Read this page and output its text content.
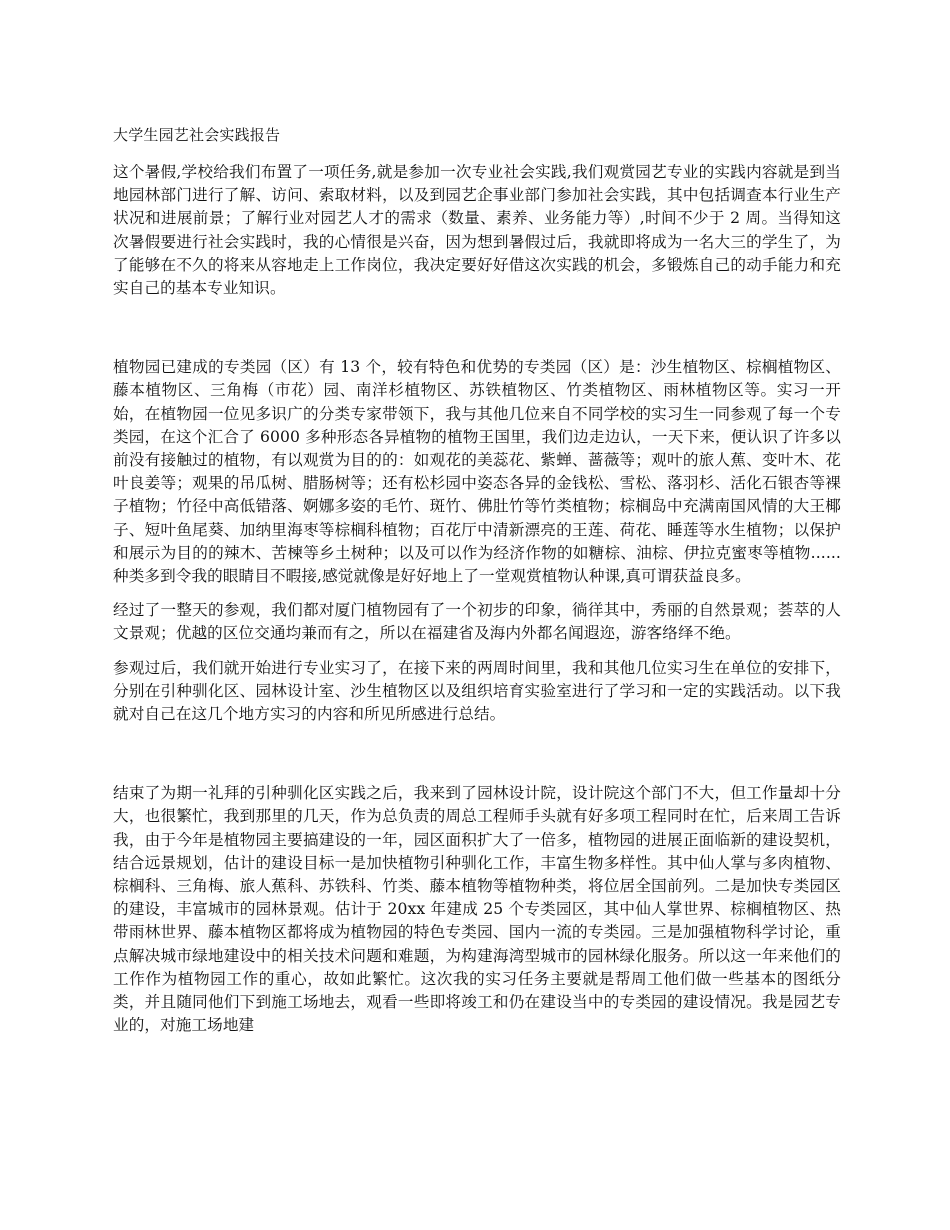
大学生园艺社会实践报告

这个暑假,学校给我们布置了一项任务,就是参加一次专业社会实践,我们观赏园艺专业的实践内容就是到当地园林部门进行了解、访问、索取材料，以及到园艺企事业部门参加社会实践，其中包括调查本行业生产状况和进展前景；了解行业对园艺人才的需求（数量、素养、业务能力等）,时间不少于 2 周。当得知这次暑假要进行社会实践时，我的心情很是兴奋，因为想到暑假过后，我就即将成为一名大三的学生了，为了能够在不久的将来从容地走上工作岗位，我决定要好好借这次实践的机会，多锻炼自己的动手能力和充实自己的基本专业知识。

植物园已建成的专类园（区）有 13 个，较有特色和优势的专类园（区）是：沙生植物区、棕榈植物区、藤本植物区、三角梅（市花）园、南洋杉植物区、苏铁植物区、竹类植物区、雨林植物区等。实习一开始，在植物园一位见多识广的分类专家带领下，我与其他几位来自不同学校的实习生一同参观了每一个专类园，在这个汇合了 6000 多种形态各异植物的植物王国里，我们边走边认，一天下来，便认识了许多以前没有接触过的植物，有以观赏为目的的：如观花的美蕊花、紫蝉、蔷薇等；观叶的旅人蕉、变叶木、花叶良姜等；观果的吊瓜树、腊肠树等；还有松杉园中姿态各异的金钱松、雪松、落羽杉、活化石银杏等裸子植物；竹径中高低错落、婀娜多姿的毛竹、斑竹、佛肚竹等竹类植物；棕榈岛中充满南国风情的大王椰子、短叶鱼尾葵、加纳里海枣等棕榈科植物；百花厅中清新漂亮的王莲、荷花、睡莲等水生植物；以保护和展示为目的的辣木、苦楝等乡土树种；以及可以作为经济作物的如糖棕、油棕、伊拉克蜜枣等植物......种类多到令我的眼睛目不暇接,感觉就像是好好地上了一堂观赏植物认种课,真可谓获益良多。

经过了一整天的参观，我们都对厦门植物园有了一个初步的印象，徜徉其中，秀丽的自然景观；荟萃的人文景观；优越的区位交通均兼而有之，所以在福建省及海内外都名闻遐迩，游客络绎不绝。

参观过后，我们就开始进行专业实习了，在接下来的两周时间里，我和其他几位实习生在单位的安排下，分别在引种驯化区、园林设计室、沙生植物区以及组织培育实验室进行了学习和一定的实践活动。以下我就对自己在这几个地方实习的内容和所见所感进行总结。

结束了为期一礼拜的引种驯化区实践之后，我来到了园林设计院，设计院这个部门不大，但工作量却十分大，也很繁忙，我到那里的几天，作为总负责的周总工程师手头就有好多项工程同时在忙，后来周工告诉我，由于今年是植物园主要搞建设的一年，园区面积扩大了一倍多，植物园的进展正面临新的建设契机，结合远景规划，估计的建设目标一是加快植物引种驯化工作，丰富生物多样性。其中仙人掌与多肉植物、棕榈科、三角梅、旅人蕉科、苏铁科、竹类、藤本植物等植物种类，将位居全国前列。二是加快专类园区的建设，丰富城市的园林景观。估计于 20xx 年建成 25 个专类园区，其中仙人掌世界、棕榈植物区、热带雨林世界、藤本植物区都将成为植物园的特色专类园、国内一流的专类园。三是加强植物科学讨论，重点解决城市绿地建设中的相关技术问题和难题，为构建海湾型城市的园林绿化服务。所以这一年来他们的工作作为植物园工作的重心，故如此繁忙。这次我的实习任务主要就是帮周工他们做一些基本的图纸分类，并且随同他们下到施工场地去，观看一些即将竣工和仍在建设当中的专类园的建设情况。我是园艺专业的，对施工场地建
